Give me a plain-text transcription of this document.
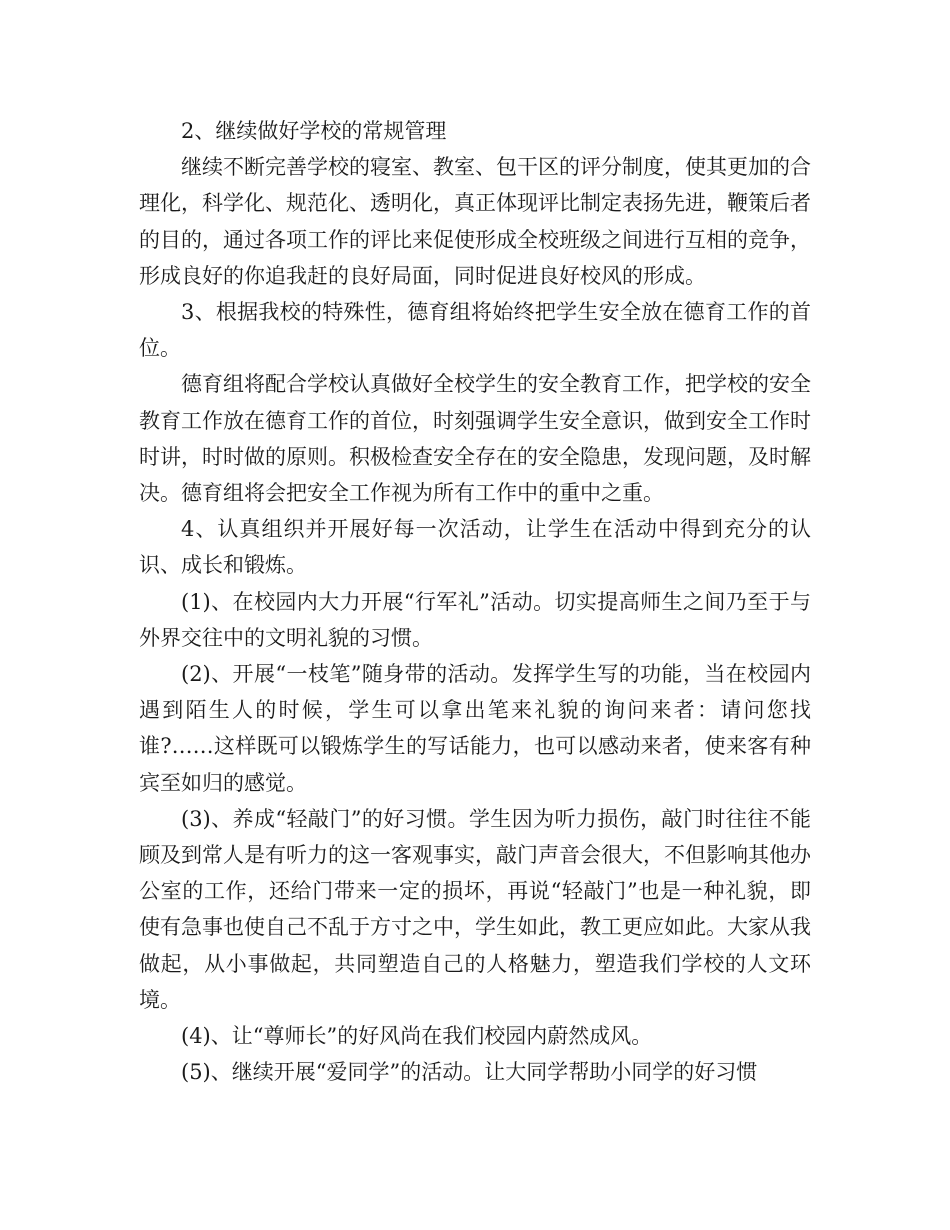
2、继续做好学校的常规管理

继续不断完善学校的寝室、教室、包干区的评分制度，使其更加的合理化，科学化、规范化、透明化，真正体现评比制定表扬先进，鞭策后者的目的，通过各项工作的评比来促使形成全校班级之间进行互相的竞争，形成良好的你追我赶的良好局面，同时促进良好校风的形成。

3、根据我校的特殊性，德育组将始终把学生安全放在德育工作的首位。

德育组将配合学校认真做好全校学生的安全教育工作，把学校的安全教育工作放在德育工作的首位，时刻强调学生安全意识，做到安全工作时时讲，时时做的原则。积极检查安全存在的安全隐患，发现问题，及时解决。德育组将会把安全工作视为所有工作中的重中之重。

4、认真组织并开展好每一次活动，让学生在活动中得到充分的认识、成长和锻炼。

(1)、在校园内大力开展“行军礼”活动。切实提高师生之间乃至于与外界交往中的文明礼貌的习惯。

(2)、开展“一枝笔”随身带的活动。发挥学生写的功能，当在校园内遇到陌生人的时候，学生可以拿出笔来礼貌的询问来者：请问您找谁?……这样既可以锻炼学生的写话能力，也可以感动来者，使来客有种宾至如归的感觉。

(3)、养成“轻敲门”的好习惯。学生因为听力损伤，敲门时往往不能顾及到常人是有听力的这一客观事实，敲门声音会很大，不但影响其他办公室的工作，还给门带来一定的损坏，再说“轻敲门”也是一种礼貌，即使有急事也使自己不乱于方寸之中，学生如此，教工更应如此。大家从我做起，从小事做起，共同塑造自己的人格魅力，塑造我们学校的人文环境。

(4)、让“尊师长”的好风尚在我们校园内蔚然成风。

(5)、继续开展“爱同学”的活动。让大同学帮助小同学的好习惯
